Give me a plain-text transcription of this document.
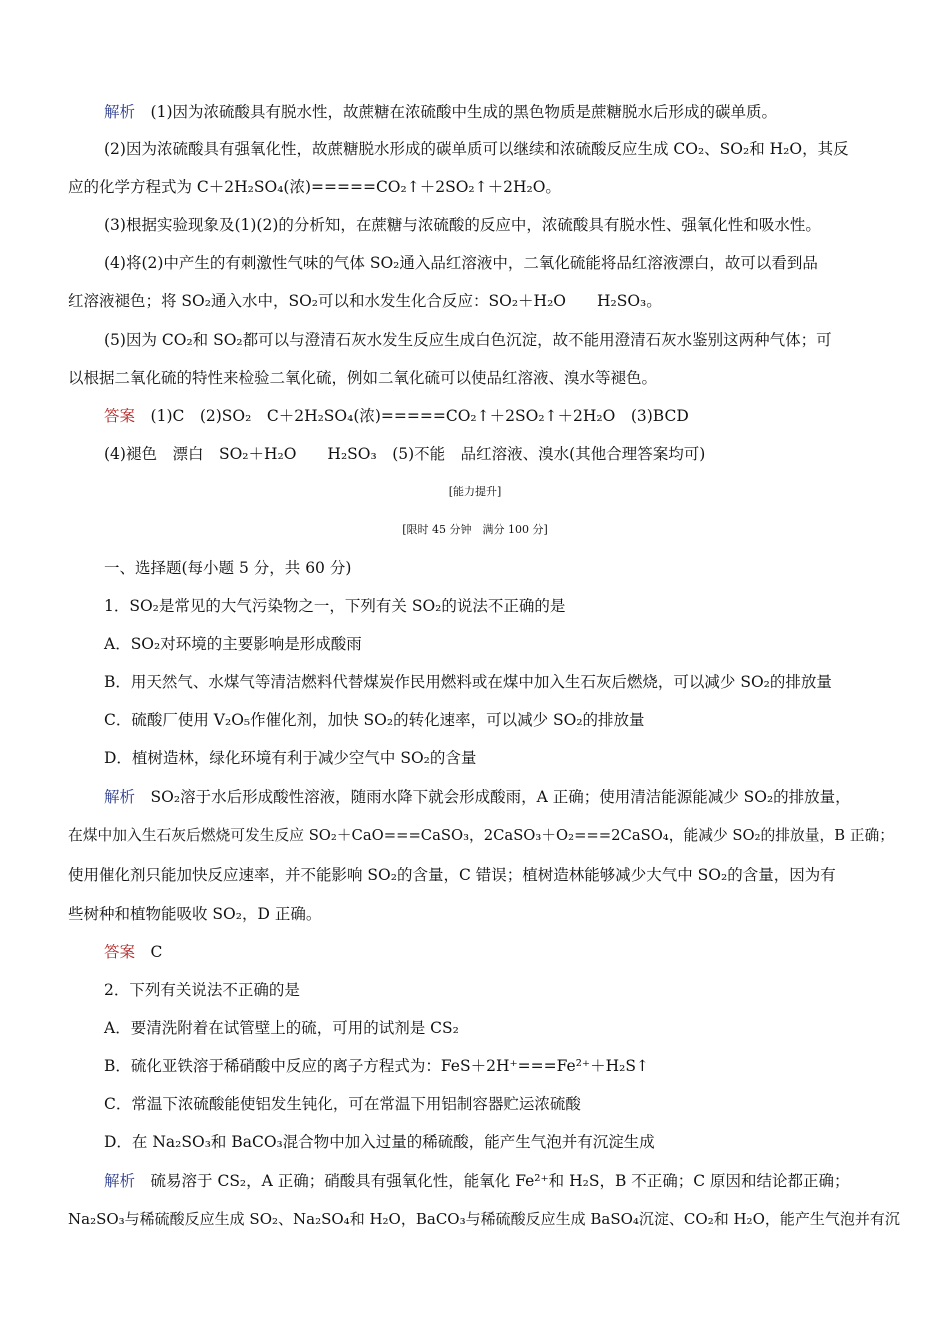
解析　 (1)因为浓硫酸具有脱水性，故蔗糖在浓硫酸中生成的黑色物质是蔗糖脱水后形成的碳单质。
(2)因为浓硫酸具有强氧化性，故蔗糖脱水形成的碳单质可以继续和浓硫酸反应生成 CO₂、SO₂和 H₂O，其反
应的化学方程式为 C＋2H₂SO₄(浓)=====CO₂↑＋2SO₂↑＋2H₂O。
(3)根据实验现象及(1)(2)的分析知，在蔗糖与浓硫酸的反应中，浓硫酸具有脱水性、强氧化性和吸水性。
(4)将(2)中产生的有刺激性气味的气体 SO₂通入品红溶液中，二氧化硫能将品红溶液漂白，故可以看到品
红溶液褪色；将 SO₂通入水中，SO₂可以和水发生化合反应：SO₂＋H₂O　　H₂SO₃。
(5)因为 CO₂和 SO₂都可以与澄清石灰水发生反应生成白色沉淀，故不能用澄清石灰水鉴别这两种气体；可
以根据二氧化硫的特性来检验二氧化硫，例如二氧化硫可以使品红溶液、溴水等褪色。
答案　 (1)C　(2)SO₂　C＋2H₂SO₄(浓)=====CO₂↑＋2SO₂↑＋2H₂O　(3)BCD
(4)褪色　漂白　SO₂＋H₂O　　H₂SO₃　(5)不能　品红溶液、溴水(其他合理答案均可)
[能力提升]
[限时 45 分钟　满分 100 分]
一、选择题(每小题 5 分，共 60 分)
1．SO₂是常见的大气污染物之一，下列有关 SO₂的说法不正确的是
A．SO₂对环境的主要影响是形成酸雨
B．用天然气、水煤气等清洁燃料代替煤炭作民用燃料或在煤中加入生石灰后燃烧，可以减少 SO₂的排放量
C．硫酸厂使用 V₂O₅作催化剂，加快 SO₂的转化速率，可以减少 SO₂的排放量
D．植树造林，绿化环境有利于减少空气中 SO₂的含量
解析　 SO₂溶于水后形成酸性溶液，随雨水降下就会形成酸雨，A 正确；使用清洁能源能减少 SO₂的排放量，
在煤中加入生石灰后燃烧可发生反应 SO₂＋CaO===CaSO₃，2CaSO₃＋O₂===2CaSO₄，能减少 SO₂的排放量，B 正确；
使用催化剂只能加快反应速率，并不能影响 SO₂的含量，C 错误；植树造林能够减少大气中 SO₂的含量，因为有
些树种和植物能吸收 SO₂，D 正确。
答案　 C
2．下列有关说法不正确的是
A．要清洗附着在试管壁上的硫，可用的试剂是 CS₂
B．硫化亚铁溶于稀硝酸中反应的离子方程式为：FeS＋2H⁺===Fe²⁺＋H₂S↑
C．常温下浓硫酸能使铝发生钝化，可在常温下用铝制容器贮运浓硫酸
D．在 Na₂SO₃和 BaCO₃混合物中加入过量的稀硫酸，能产生气泡并有沉淀生成
解析　 硫易溶于 CS₂，A 正确；硝酸具有强氧化性，能氧化 Fe²⁺和 H₂S，B 不正确；C 原因和结论都正确；
Na₂SO₃与稀硫酸反应生成 SO₂、Na₂SO₄和 H₂O，BaCO₃与稀硫酸反应生成 BaSO₄沉淀、CO₂和 H₂O，能产生气泡并有沉
